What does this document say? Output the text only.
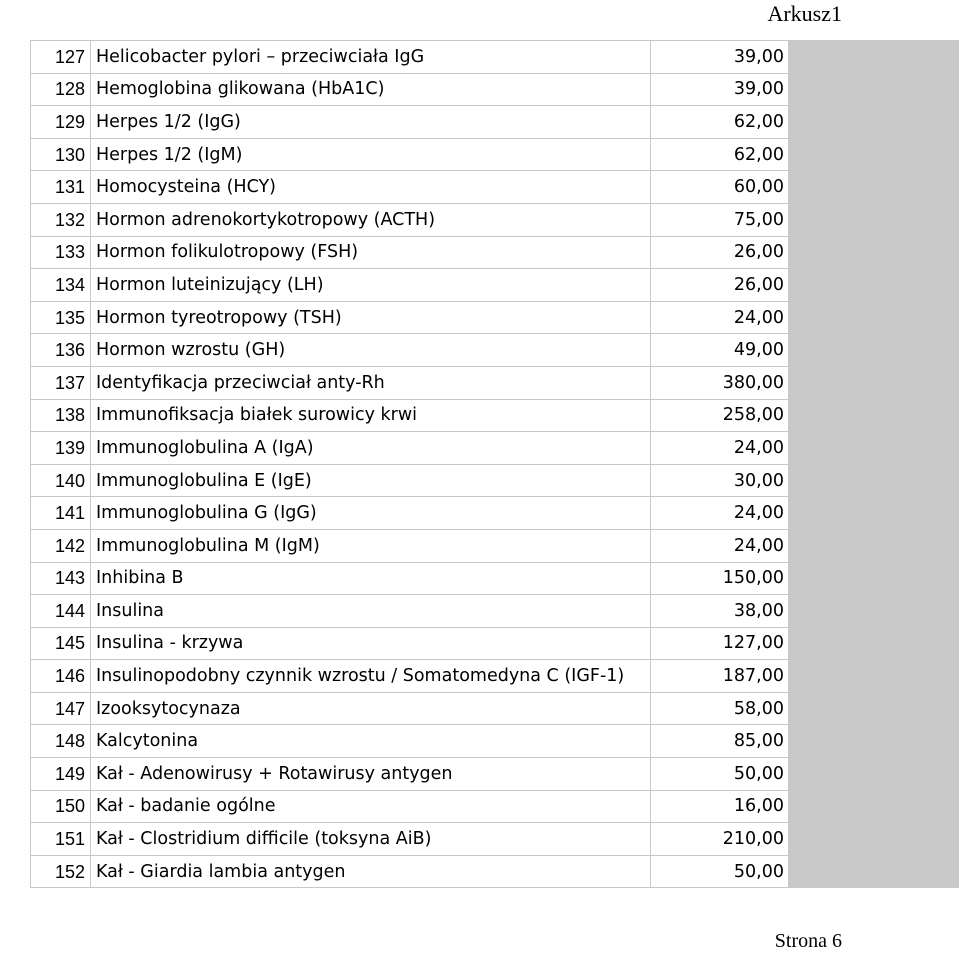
Arkusz1
127	Helicobacter pylori – przeciwciała IgG	39,00	
128	Hemoglobina glikowana (HbA1C)	39,00	
129	Herpes 1/2 (IgG)	62,00	
130	Herpes 1/2 (IgM)	62,00	
131	Homocysteina (HCY)	60,00	
132	Hormon adrenokortykotropowy (ACTH)	75,00	
133	Hormon folikulotropowy (FSH)	26,00	
134	Hormon luteinizujący (LH)	26,00	
135	Hormon tyreotropowy (TSH)	24,00	
136	Hormon wzrostu (GH)	49,00	
137	Identyfikacja przeciwciał anty-Rh	380,00	
138	Immunofiksacja białek surowicy krwi	258,00	
139	Immunoglobulina A (IgA)	24,00	
140	Immunoglobulina E (IgE)	30,00	
141	Immunoglobulina G (IgG)	24,00	
142	Immunoglobulina M (IgM)	24,00	
143	Inhibina B	150,00	
144	Insulina	38,00	
145	Insulina - krzywa	127,00	
146	Insulinopodobny czynnik wzrostu / Somatomedyna C (IGF-1)	187,00	
147	Izooksytocynaza	58,00	
148	Kalcytonina	85,00	
149	Kał - Adenowirusy + Rotawirusy antygen	50,00	
150	Kał - badanie ogólne	16,00	
151	Kał - Clostridium difficile (toksyna AiB)	210,00	
152	Kał - Giardia lambia antygen	50,00	
Strona 6
